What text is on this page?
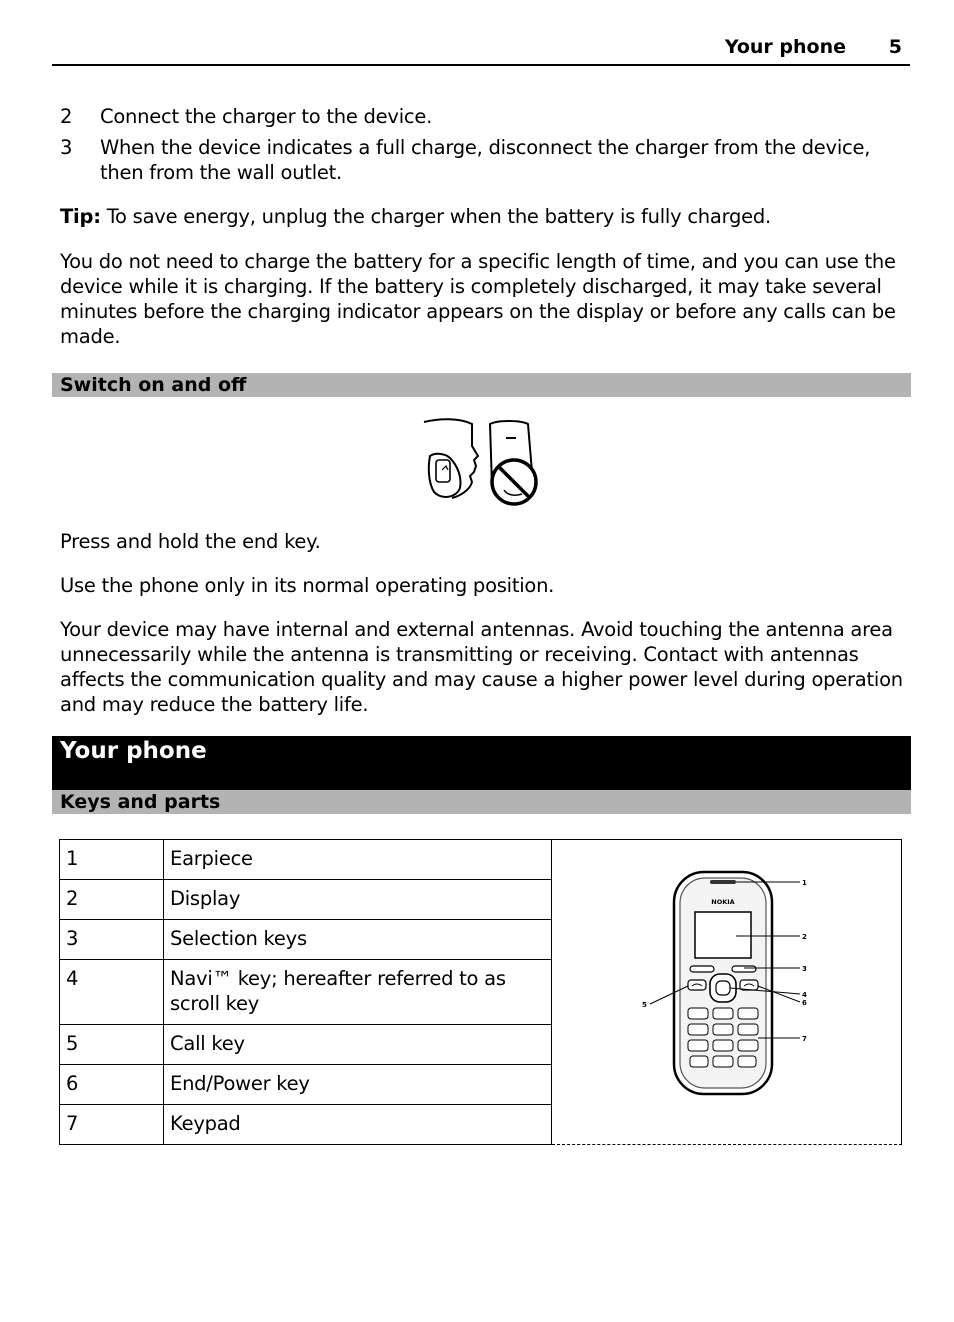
Your phone 5
2 Connect the charger to the device.
3 When the device indicates a full charge, disconnect the charger from the device, then from the wall outlet.
Tip: To save energy, unplug the charger when the battery is fully charged.
You do not need to charge the battery for a specific length of time, and you can use the device while it is charging. If the battery is completely discharged, it may take several minutes before the charging indicator appears on the display or before any calls can be made.
Switch on and off
Press and hold the end key.
Use the phone only in its normal operating position.
Your device may have internal and external antennas. Avoid touching the antenna area unnecessarily while the antenna is transmitting or receiving. Contact with antennas affects the communication quality and may cause a higher power level during operation and may reduce the battery life.
Your phone
Keys and parts
1	Earpiece
2	Display
3	Selection keys
4	Navi™ key; hereafter referred to as scroll key
5	Call key
6	End/Power key
7	Keypad
NOKIA
1
2
3
4
5	6
7
